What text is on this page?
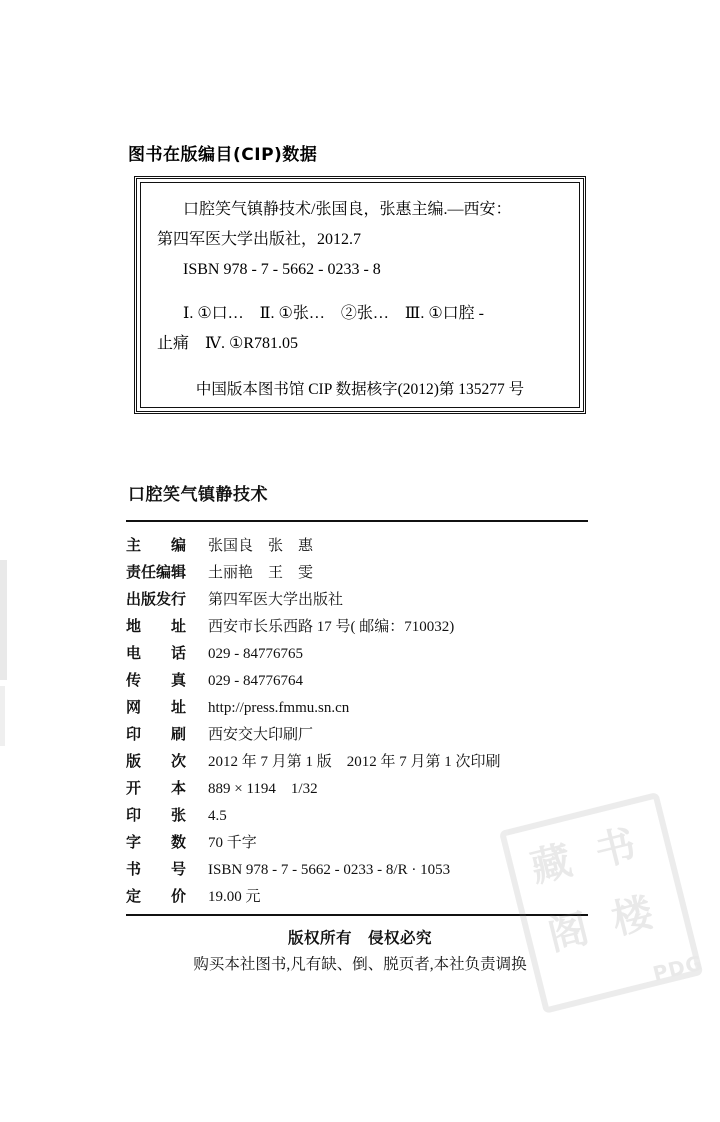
图书在版编目(CIP)数据
口腔笑气镇静技术/张国良，张惠主编.—西安：
第四军医大学出版社，2012.7
ISBN 978 - 7 - 5662 - 0233 - 8
Ⅰ. ①口…　Ⅱ. ①张…　②张…　Ⅲ. ①口腔 -
止痛　Ⅳ. ①R781.05
中国版本图书馆 CIP 数据核字(2012)第 135277 号
口腔笑气镇静技术
主　　编	张国良　张　惠
责任编辑	土丽艳　王　雯
出版发行	第四军医大学出版社
地　　址	西安市长乐西路 17 号( 邮编：710032)
电　　话	029 - 84776765
传　　真	029 - 84776764
网　　址	http://press.fmmu.sn.cn
印　　刷	西安交大印刷厂
版　　次	2012 年 7 月第 1 版　2012 年 7 月第 1 次印刷
开　　本	889 × 1194　1/32
印　　张	4.5
字　　数	70 千字
书　　号	ISBN 978 - 7 - 5662 - 0233 - 8/R · 1053
定　　价	19.00 元
版权所有　侵权必究
购买本社图书,凡有缺、倒、脱页者,本社负责调换
藏 书
阁 楼
PDG
